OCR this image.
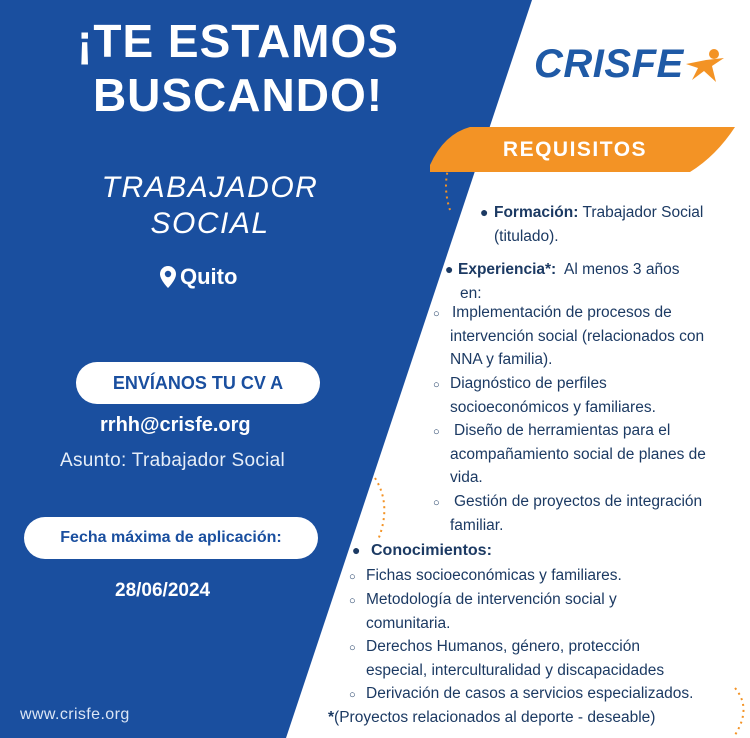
¡TE ESTAMOS
BUSCANDO!
TRABAJADOR
SOCIAL
Quito
ENVÍANOS TU CV A
rrhh@crisfe.org
Asunto: Trabajador Social
Fecha máxima de aplicación:
28/06/2024
www.crisfe.org
CRISFE
REQUISITOS
● Formación: Trabajador Social
(titulado).
● Experiencia*: Al menos 3 años
en:
○ Implementación de procesos de
intervención social (relacionados con
NNA y familia).
○ Diagnóstico de perfiles
socioeconómicos y familiares.
○ Diseño de herramientas para el
acompañamiento social de planes de
vida.
○ Gestión de proyectos de integración
familiar.
● Conocimientos:
○ Fichas socioeconómicas y familiares.
○ Metodología de intervención social y
comunitaria.
○ Derechos Humanos, género, protección
especial, interculturalidad y discapacidades
○ Derivación de casos a servicios especializados.
*(Proyectos relacionados al deporte - deseable)
